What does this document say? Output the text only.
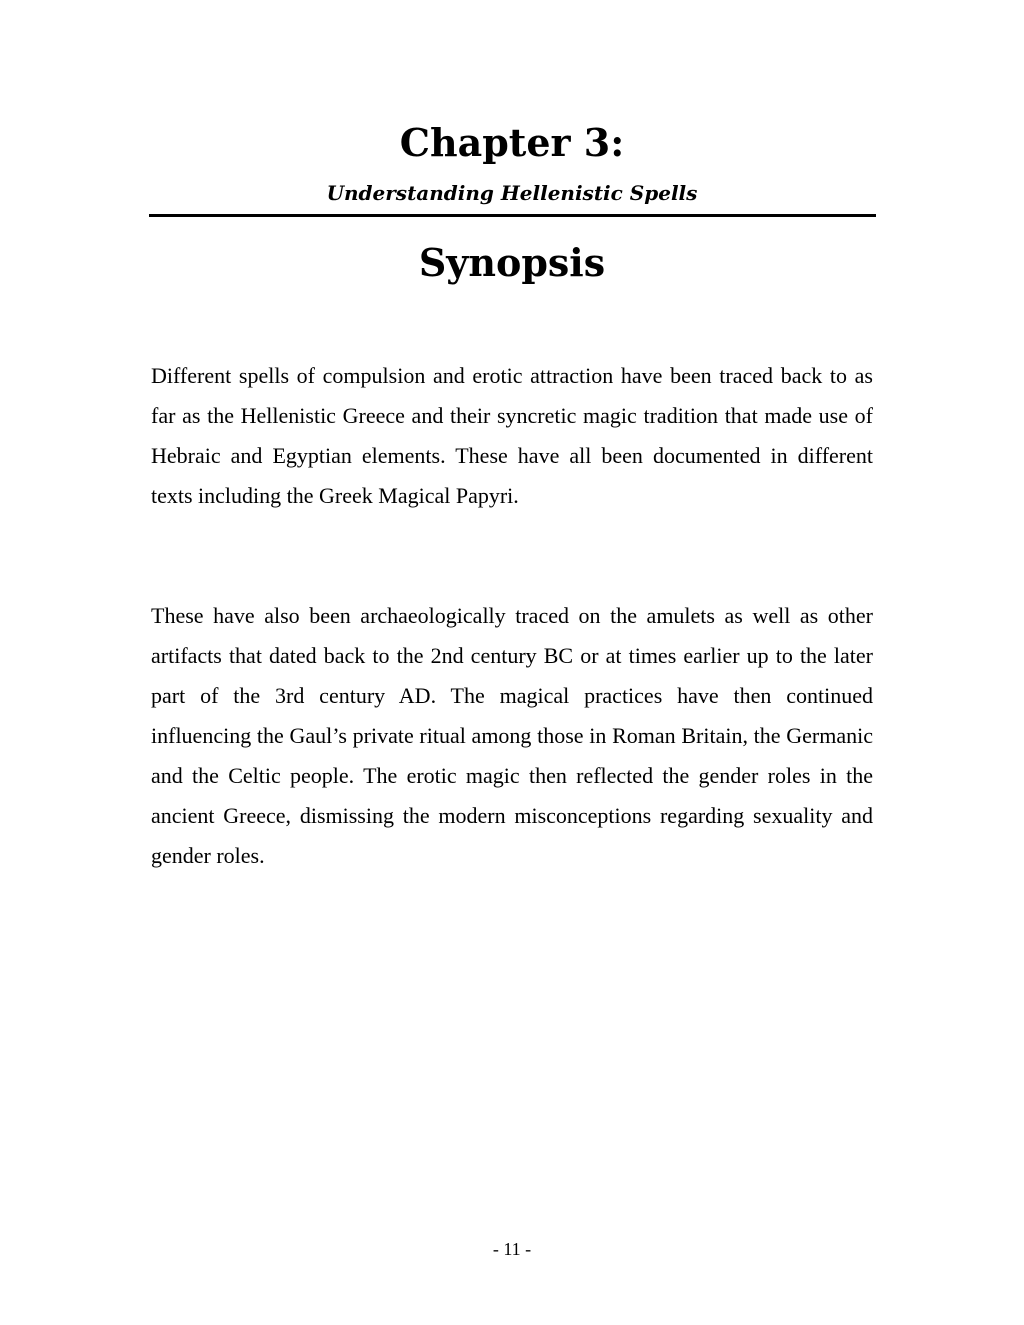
Chapter 3:
Understanding Hellenistic Spells
Synopsis

Different spells of compulsion and erotic attraction have been traced back to as far as the Hellenistic Greece and their syncretic magic tradition that made use of Hebraic and Egyptian elements. These have all been documented in different texts including the Greek Magical Papyri.

These have also been archaeologically traced on the amulets as well as other artifacts that dated back to the 2nd century BC or at times earlier up to the later part of the 3rd century AD. The magical practices have then continued influencing the Gaul’s private ritual among those in Roman Britain, the Germanic and the Celtic people. The erotic magic then reflected the gender roles in the ancient Greece, dismissing the modern misconceptions regarding sexuality and gender roles.

- 11 -
